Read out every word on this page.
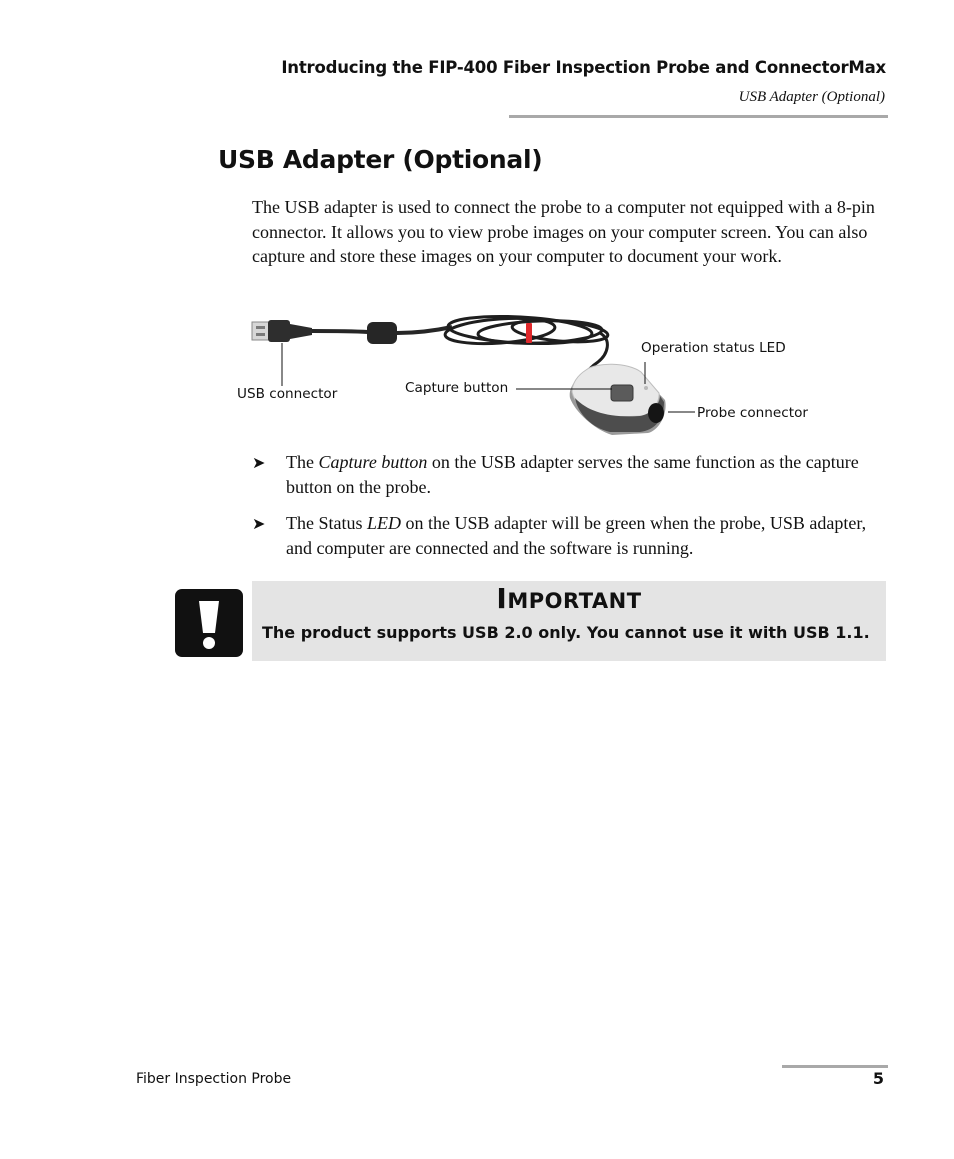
Introducing the FIP-400 Fiber Inspection Probe and ConnectorMax
USB Adapter (Optional)
USB Adapter (Optional)

The USB adapter is used to connect the probe to a computer not equipped with a 8-pin connector. It allows you to view probe images on your computer screen. You can also capture and store these images on your computer to document your work.

USB connector	Capture button
Operation status LED
Probe connector
➤ The Capture button on the USB adapter serves the same function as the capture button on the probe.
➤ The Status LED on the USB adapter will be green when the probe, USB adapter, and computer are connected and the software is running.
IMPORTANT
The product supports USB 2.0 only. You cannot use it with USB 1.1.
Fiber Inspection Probe	5
